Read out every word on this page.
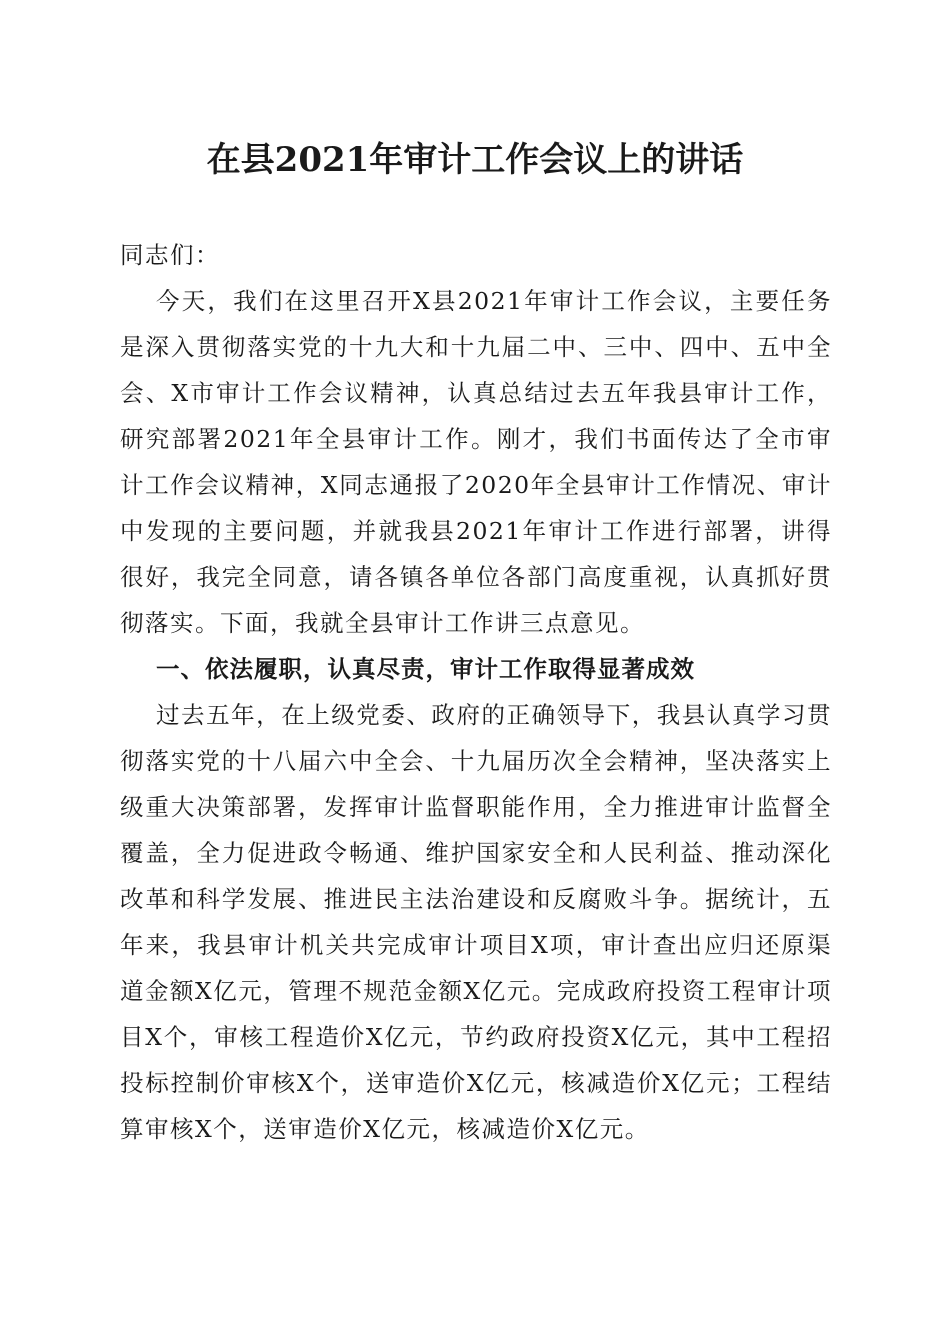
在县2021年审计工作会议上的讲话

同志们：

今天，我们在这里召开X县2021年审计工作会议，主要任务是深入贯彻落实党的十九大和十九届二中、三中、四中、五中全会、X市审计工作会议精神，认真总结过去五年我县审计工作，研究部署2021年全县审计工作。刚才，我们书面传达了全市审计工作会议精神，X同志通报了2020年全县审计工作情况、审计中发现的主要问题，并就我县2021年审计工作进行部署，讲得很好，我完全同意，请各镇各单位各部门高度重视，认真抓好贯彻落实。下面，我就全县审计工作讲三点意见。

一、依法履职，认真尽责，审计工作取得显著成效

过去五年，在上级党委、政府的正确领导下，我县认真学习贯彻落实党的十八届六中全会、十九届历次全会精神，坚决落实上级重大决策部署，发挥审计监督职能作用，全力推进审计监督全覆盖，全力促进政令畅通、维护国家安全和人民利益、推动深化改革和科学发展、推进民主法治建设和反腐败斗争。据统计，五年来，我县审计机关共完成审计项目X项，审计查出应归还原渠道金额X亿元，管理不规范金额X亿元。完成政府投资工程审计项目X个，审核工程造价X亿元，节约政府投资X亿元，其中工程招投标控制价审核X个，送审造价X亿元，核减造价X亿元；工程结算审核X个，送审造价X亿元，核减造价X亿元。
